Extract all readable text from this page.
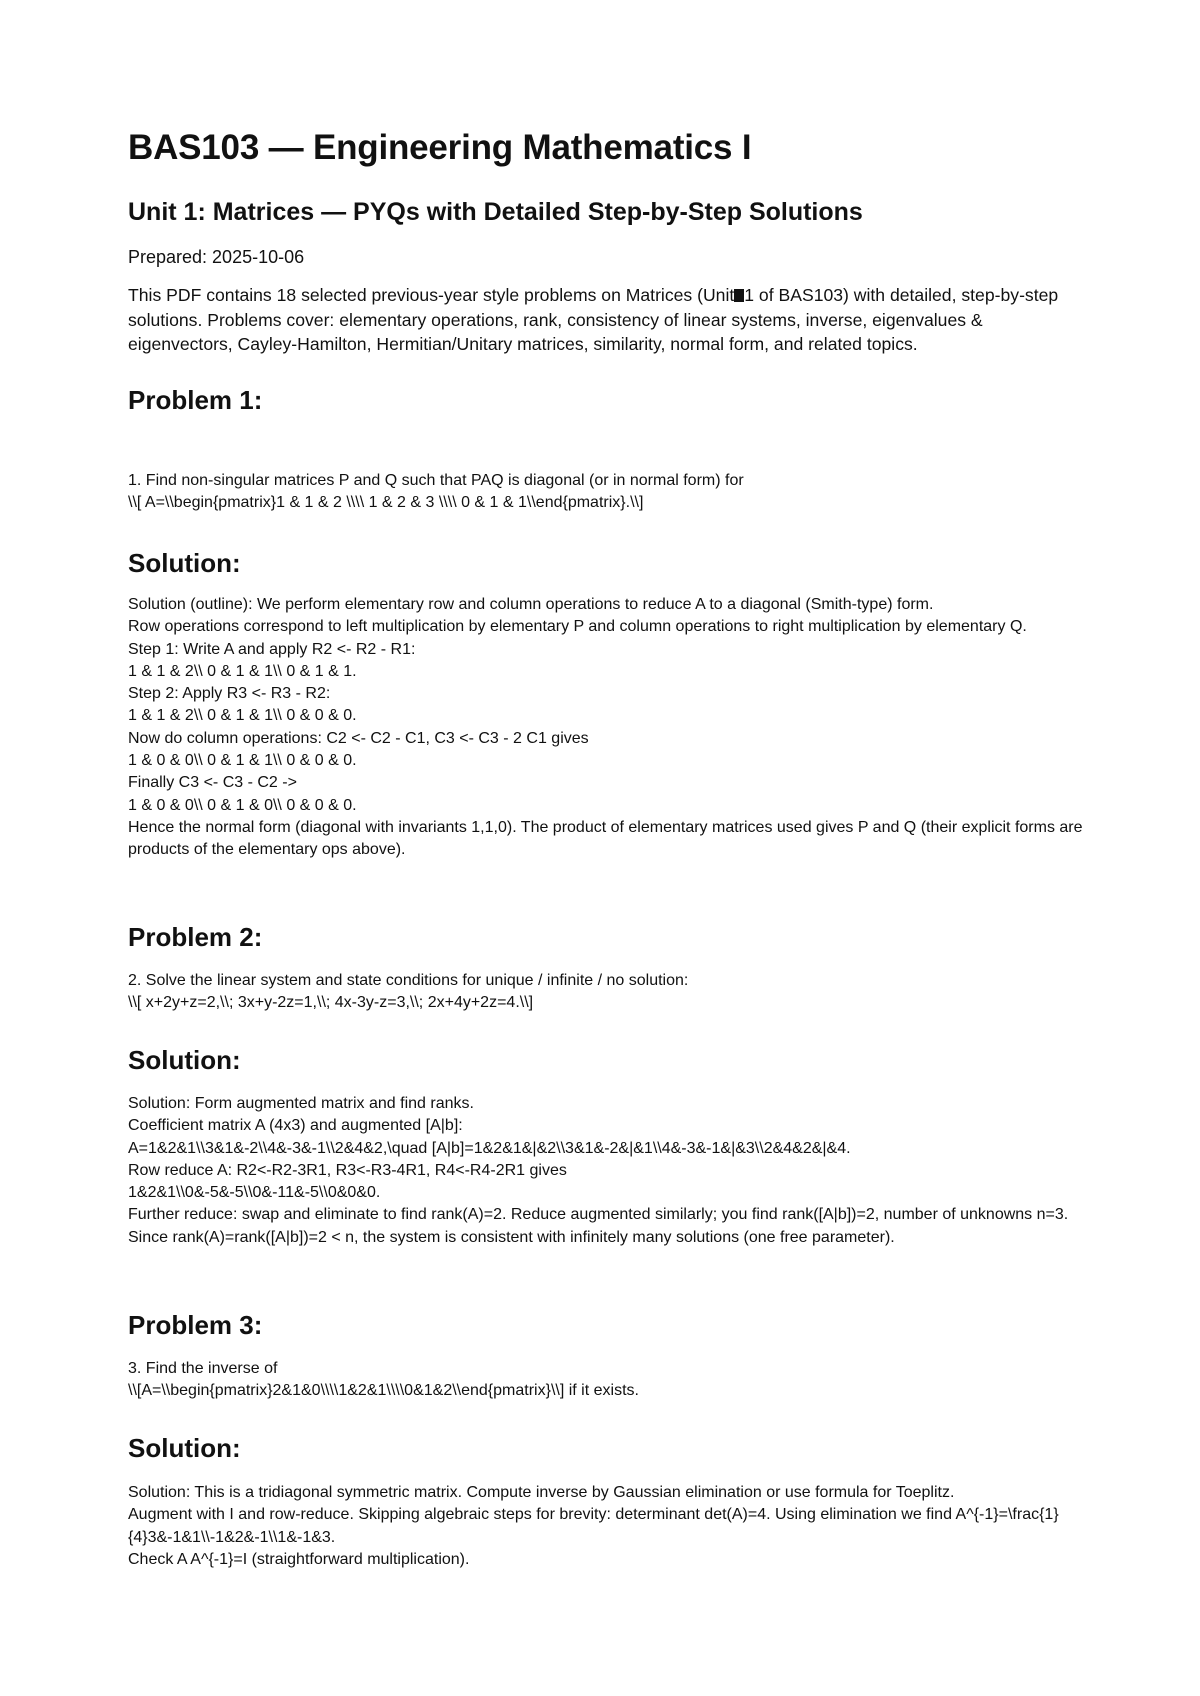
BAS103 — Engineering Mathematics I
Unit 1: Matrices — PYQs with Detailed Step-by-Step Solutions
Prepared: 2025-10-06
This PDF contains 18 selected previous-year style problems on Matrices (Unit 1 of BAS103) with detailed, step-by-step solutions. Problems cover: elementary operations, rank, consistency of linear systems, inverse, eigenvalues & eigenvectors, Cayley-Hamilton, Hermitian/Unitary matrices, similarity, normal form, and related topics.
Problem 1:
1. Find non-singular matrices P and Q such that PAQ is diagonal (or in normal form) for
\\[ A=\\begin{pmatrix}1 & 1 & 2 \\\\ 1 & 2 & 3 \\\\ 0 & 1 & 1\\end{pmatrix}.\\]
Solution:
Solution (outline): We perform elementary row and column operations to reduce A to a diagonal (Smith-type) form.
Row operations correspond to left multiplication by elementary P and column operations to right multiplication by elementary Q.
Step 1: Write A and apply R2 <- R2 - R1:
1 & 1 & 2\\ 0 & 1 & 1\\ 0 & 1 & 1.
Step 2: Apply R3 <- R3 - R2:
1 & 1 & 2\\ 0 & 1 & 1\\ 0 & 0 & 0.
Now do column operations: C2 <- C2 - C1, C3 <- C3 - 2 C1 gives
1 & 0 & 0\\ 0 & 1 & 1\\ 0 & 0 & 0.
Finally C3 <- C3 - C2 ->
1 & 0 & 0\\ 0 & 1 & 0\\ 0 & 0 & 0.
Hence the normal form (diagonal with invariants 1,1,0). The product of elementary matrices used gives P and Q (their explicit forms are products of the elementary ops above).
Problem 2:
2. Solve the linear system and state conditions for unique / infinite / no solution:
\\[ x+2y+z=2,\\; 3x+y-2z=1,\\; 4x-3y-z=3,\\; 2x+4y+2z=4.\\]
Solution:
Solution: Form augmented matrix and find ranks.
Coefficient matrix A (4x3) and augmented [A|b]:
A=1&2&1\\3&1&-2\\4&-3&-1\\2&4&2,\quad [A|b]=1&2&1&|&2\\3&1&-2&|&1\\4&-3&-1&|&3\\2&4&2&|&4.
Row reduce A: R2<-R2-3R1, R3<-R3-4R1, R4<-R4-2R1 gives
1&2&1\\0&-5&-5\\0&-11&-5\\0&0&0.
Further reduce: swap and eliminate to find rank(A)=2. Reduce augmented similarly; you find rank([A|b])=2, number of unknowns n=3.
Since rank(A)=rank([A|b])=2 < n, the system is consistent with infinitely many solutions (one free parameter).
Problem 3:
3. Find the inverse of
\\[A=\\begin{pmatrix}2&1&0\\\\1&2&1\\\\0&1&2\\end{pmatrix}\\] if it exists.
Solution:
Solution: This is a tridiagonal symmetric matrix. Compute inverse by Gaussian elimination or use formula for Toeplitz.
Augment with I and row-reduce. Skipping algebraic steps for brevity: determinant det(A)=4. Using elimination we find A^{-1}=\frac{1}{4}3&-1&1\\-1&2&-1\\1&-1&3.
Check A A^{-1}=I (straightforward multiplication).
